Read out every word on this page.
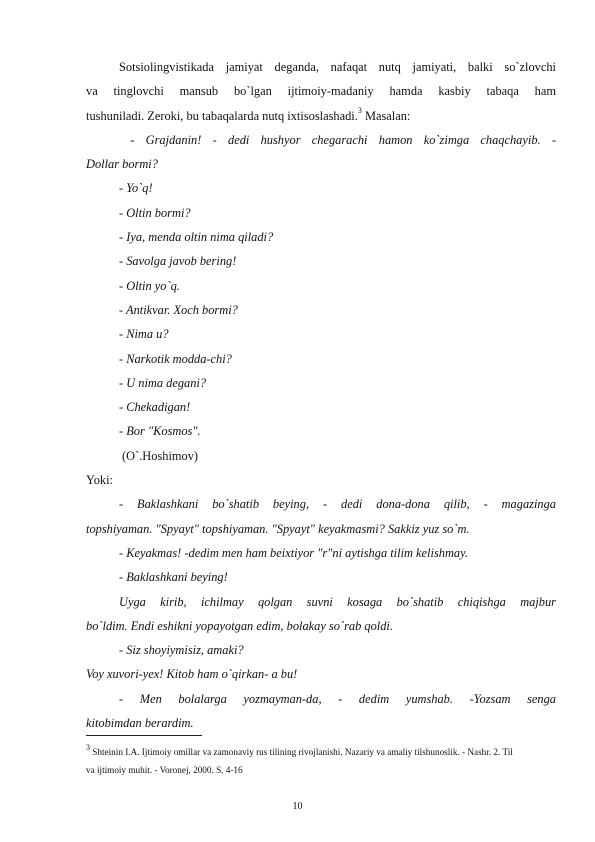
Sotsiolingvistikada jamiyat deganda, nafaqat nutq jamiyati, balki so`zlovchi
va tinglovchi mansub bo`lgan ijtimoiy-madaniy hamda kasbiy tabaqa ham
tushuniladi. Zeroki, bu tabaqalarda nutq ixtisoslashadi.$^3$ Masalan:
- Grajdanin! - dedi hushyor chegarachi hamon ko`zimga chaqchayib. -
Dollar bormi?
- Yo`q!
- Oltin bormi?
- Iya, menda oltin nima qiladi?
- Savolga javob bering!
- Oltin yo`q.
- Antikvar. Xoch bormi?
- Nima u?
- Narkotik modda-chi?
- U nima degani?
- Chekadigan!
- Bor "Kosmos".
(O`.Hoshimov)
Yoki:
- Baklashkani bo`shatib beying, - dedi dona-dona qilib, - magazinga
topshiyaman. "Spyayt" topshiyaman. "Spyayt" keyakmasmi? Sakkiz yuz so`m.
- Keyakmas! -dedim men ham beixtiyor "r"ni aytishga tilim kelishmay.
- Baklashkani beying!
Uyga kirib, ichilmay qolgan suvni kosaga bo`shatib chiqishga majbur
bo`ldim. Endi eshikni yopayotgan edim, bolakay so`rab qoldi.
- Siz shoyiymisiz, amaki?
Voy xuvori-yex! Kitob ham o`qirkan- a bu!
- Men bolalarga yozmayman-da, - dedim yumshab. -Yozsam senga
kitobimdan berardim.
$^3$ Shteinin I.A. Ijtimoiy omillar va zamonaviy rus tilining rivojlanishi. Nazariy va amaliy tilshunoslik. - Nashr. 2. Til
va ijtimoiy muhit. - Voronej, 2000. S. 4-16
10
